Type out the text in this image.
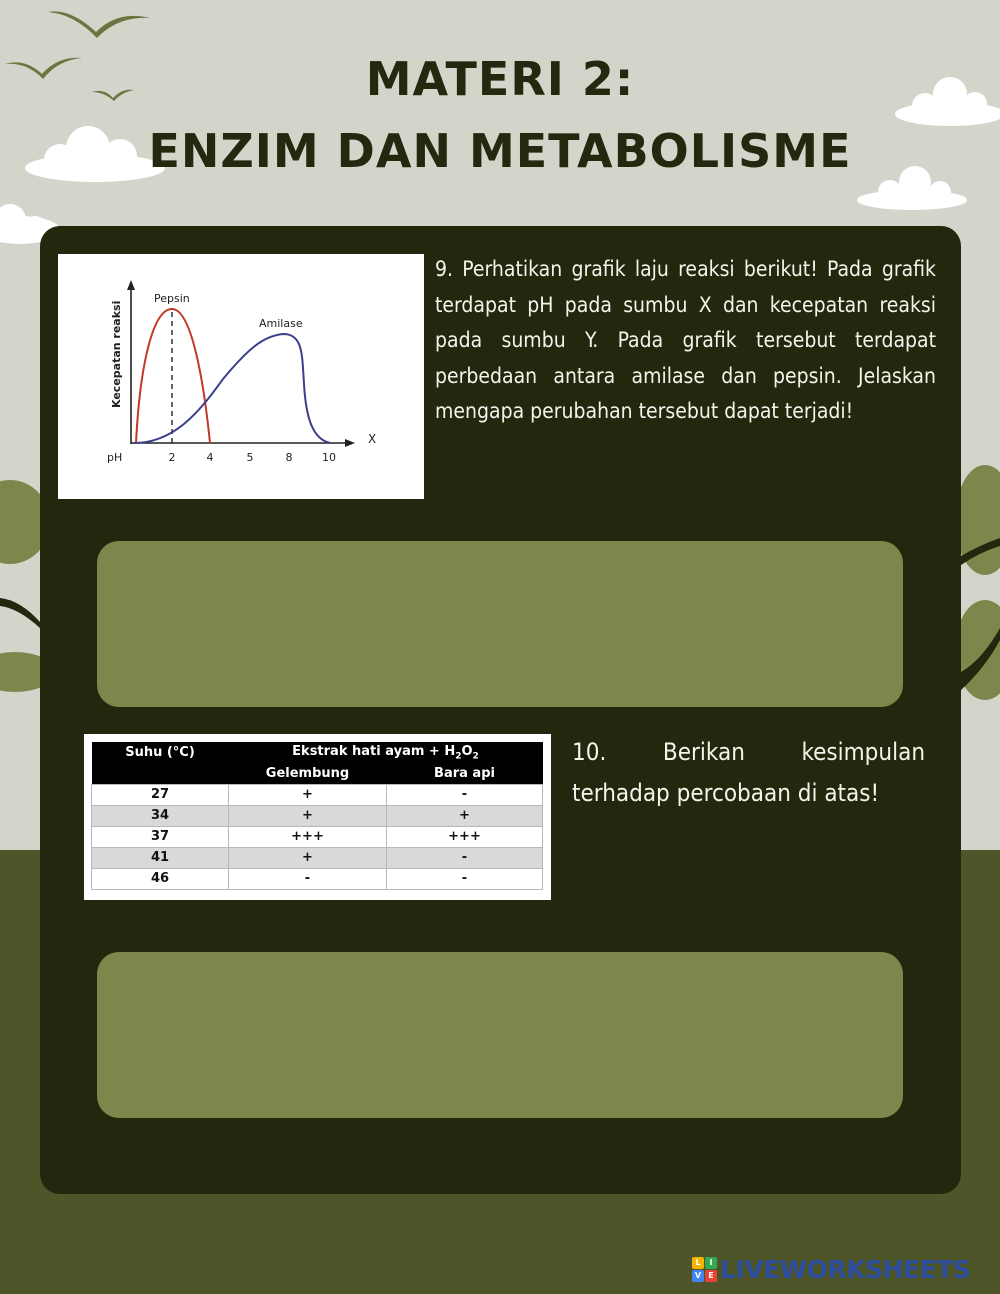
MATERI 2:
ENZIM DAN METABOLISME
Pepsin
Amilase
Kecepatan reaksi
pH
X
2	4	5	8	10
9. Perhatikan grafik laju reaksi berikut! Pada grafik terdapat pH pada sumbu X dan kecepatan reaksi pada sumbu Y. Pada grafik tersebut terdapat perbedaan antara amilase dan pepsin. Jelaskan mengapa perubahan tersebut dapat terjadi!
Suhu (°C)	Ekstrak hati ayam + $H_2O_2$
	Gelembung	Bara api
27	+	-
34	+	+
37	+++	+++
41	+	-
46	-	-
10. Berikan kesimpulan terhadap percobaan di atas!
L	I
V E LIVEWORKSHEETS
